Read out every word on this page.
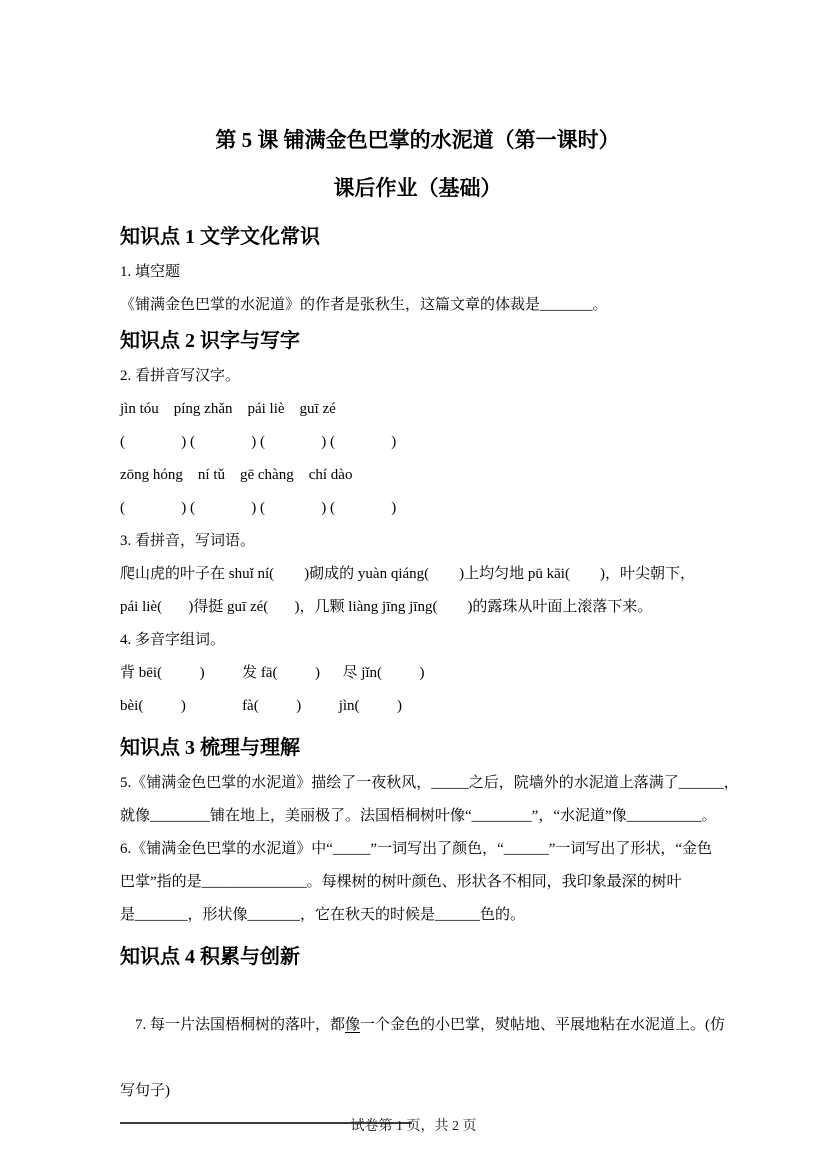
第 5 课 铺满金色巴掌的水泥道（第一课时）
课后作业（基础）
知识点 1 文学文化常识
1. 填空题
《铺满金色巴掌的水泥道》的作者是张秋生，这篇文章的体裁是_______。
知识点 2 识字与写字
2. 看拼音写汉字。
jìn tóu    píng zhǎn    pái liè    guī zé
(               ) (               ) (               ) (               )
zōng hóng    ní tǔ    gē chàng    chí dào
(               ) (               ) (               ) (               )
3. 看拼音，写词语。
爬山虎的叶子在 shuǐ ní(        )砌成的 yuàn qiáng(        )上均匀地 pū kāi(        )，叶尖朝下，
pái liè(       )得挺 guī zé(       )，几颗 liàng jīng jīng(        )的露珠从叶面上滚落下来。
4. 多音字组词。
背 bēi(          )          发 fā(          )      尽 jǐn(          )
bèi(          )               fà(          )          jìn(          )
知识点 3 梳理与理解
5.《铺满金色巴掌的水泥道》描绘了一夜秋风，_____之后，院墙外的水泥道上落满了______，
就像________铺在地上，美丽极了。法国梧桐树叶像“________”，“水泥道”像__________。
6.《铺满金色巴掌的水泥道》中“_____”一词写出了颜色，“______”一词写出了形状，“金色
巴掌”指的是______________。每棵树的树叶颜色、形状各不相同，我印象最深的树叶
是_______，形状像_______，它在秋天的时候是______色的。
知识点 4 积累与创新

7. 每一片法国梧桐树的落叶，都像一个金色的小巴掌，熨帖地、平展地粘在水泥道上。(仿

写句子)
试卷第 1 页，共 2 页
